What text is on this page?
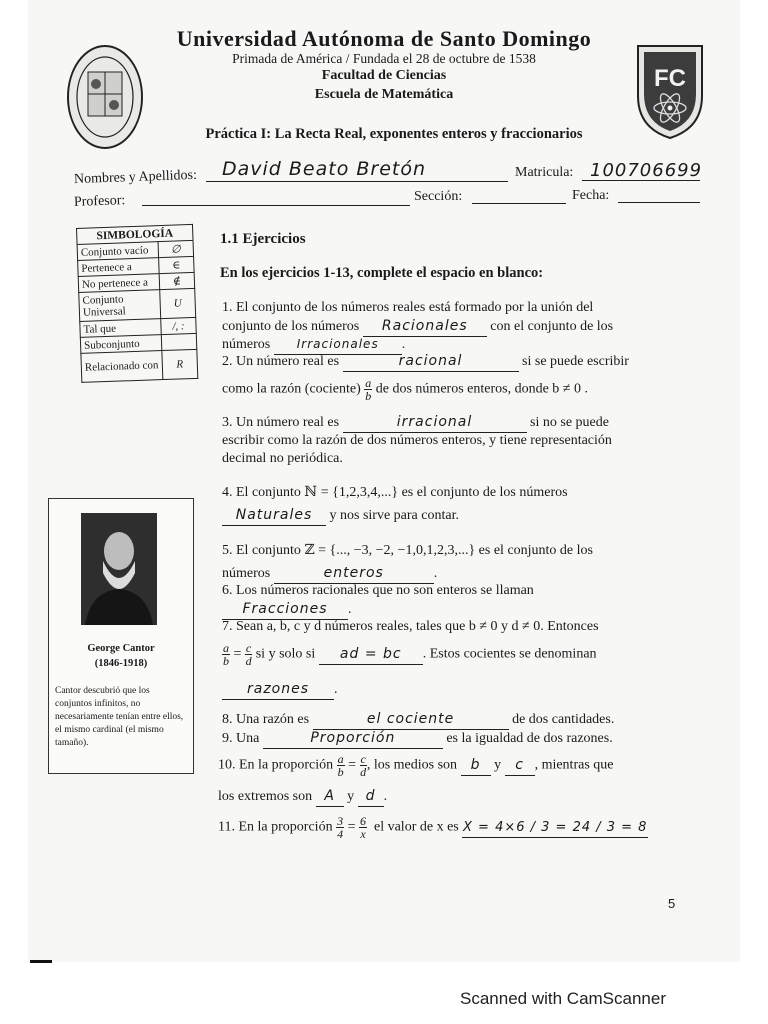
FC
Universidad Autónoma de Santo Domingo
Primada de América / Fundada el 28 de octubre de 1538
Facultad de Ciencias
Escuela de Matemática
Práctica I: La Recta Real, exponentes enteros y fraccionarios
Nombres y Apellidos: David Beato Bretón	Matricula: 100706699
Profesor:	Sección:	Fecha:
SIMBOLOGÍA	
Conjunto vacío	∅
Pertenece a	∈
No pertenece a	∉
Conjunto Universal	U
Tal que	/, :
Subconjunto	
Relacionado con	R
George Cantor
(1846-1918)
Cantor descubrió que los conjuntos infinitos, no necesariamente tenían entre ellos, el mismo cardinal (el mismo tamaño).
1.1 Ejercicios
En los ejercicios 1-13, complete el espacio en blanco:
1. El conjunto de los números reales está formado por la unión del
conjunto de los números Racionales con el conjunto de los
números Irracionales .
2. Un número real es	racional	si se puede escribir
como la razón (cociente) $\frac{a}{b}$ de dos números enteros, donde b ≠ 0 .
3. Un número real es	irracional	si no se puede
escribir como la razón de dos números enteros, y tiene representación
decimal no periódica.
4. El conjunto ℕ = {1,2,3,4,...} es el conjunto de los números
Naturales y nos sirve para contar.
5. El conjunto ℤ = {..., −3, −2, −1,0,1,2,3,...} es el conjunto de los
números	enteros	.
6. Los números racionales que no son enteros se llaman
Fracciones .
7. Sean a, b, c y d números reales, tales que b ≠ 0 y d ≠ 0. Entonces
$\frac{a}{b} = \frac{c}{d}$ si y solo si ad = bc . Estos cocientes se denominan
razones .
8. Una razón es	el cociente	de dos cantidades.
9. Una	Proporción	es la igualdad de dos razones.
10. En la proporción $\frac{a}{b} = \frac{c}{d}$ , los medios son b y c , mientras que
los extremos son A y d .
11. En la proporción $\frac{3}{4} = \frac{6}{x}$ el valor de x es X = 4×6 / 3 = 24 / 3 = 8
5
Scanned with CamScanner
